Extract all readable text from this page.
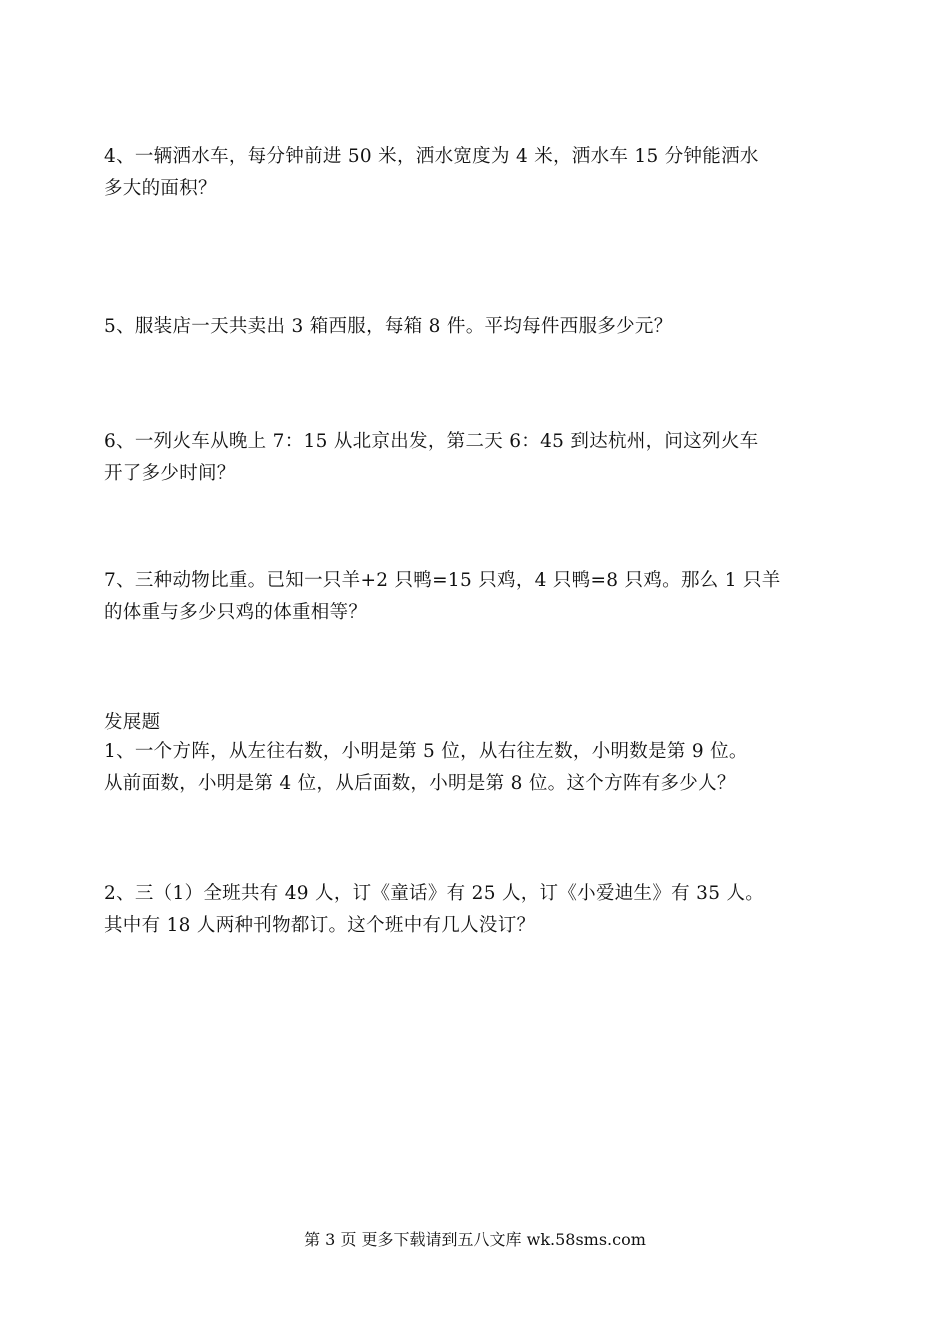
4、一辆洒水车，每分钟前进 50 米，洒水宽度为 4 米，洒水车 15 分钟能洒水
多大的面积？
5、服装店一天共卖出 3 箱西服，每箱 8 件。平均每件西服多少元？
6、一列火车从晚上 7：15 从北京出发，第二天 6：45 到达杭州，问这列火车
开了多少时间？
7、三种动物比重。已知一只羊+2 只鸭=15 只鸡，4 只鸭=8 只鸡。那么 1 只羊
的体重与多少只鸡的体重相等？
发展题
1、一个方阵，从左往右数，小明是第 5 位，从右往左数，小明数是第 9 位。
从前面数，小明是第 4 位，从后面数，小明是第 8 位。这个方阵有多少人？
2、三（1）全班共有 49 人，订《童话》有 25 人，订《小爱迪生》有 35 人。
其中有 18 人两种刊物都订。这个班中有几人没订？
第 3 页 更多下载请到五八文库 wk.58sms.com
